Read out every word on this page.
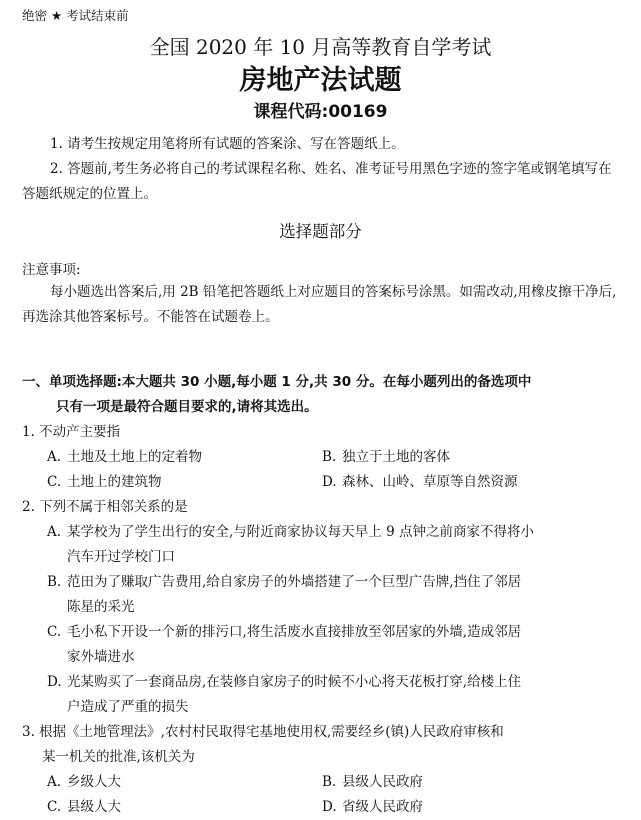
绝密 ★ 考试结束前
全国 2020 年 10 月高等教育自学考试
房地产法试题
课程代码:00169
1. 请考生按规定用笔将所有试题的答案涂、写在答题纸上。
2. 答题前,考生务必将自己的考试课程名称、姓名、准考证号用黑色字迹的签字笔或钢笔填写在答题纸规定的位置上。
选择题部分
注意事项:
每小题选出答案后,用 2B 铅笔把答题纸上对应题目的答案标号涂黑。如需改动,用橡皮擦干净后,再选涂其他答案标号。不能答在试题卷上。
一、单项选择题:本大题共 30 小题,每小题 1 分,共 30 分。在每小题列出的备选项中
只有一项是最符合题目要求的,请将其选出。
1. 不动产主要指
A. 土地及土地上的定着物	B. 独立于土地的客体
C. 土地上的建筑物	D. 森林、山岭、草原等自然资源
2. 下列不属于相邻关系的是
A. 某学校为了学生出行的安全,与附近商家协议每天早上 9 点钟之前商家不得将小
汽车开过学校门口
B. 范田为了赚取广告费用,给自家房子的外墙搭建了一个巨型广告牌,挡住了邻居
陈星的采光
C. 毛小私下开设一个新的排污口,将生活废水直接排放至邻居家的外墙,造成邻居
家外墙进水
D. 光某购买了一套商品房,在装修自家房子的时候不小心将天花板打穿,给楼上住
户造成了严重的损失
3. 根据《土地管理法》,农村村民取得宅基地使用权,需要经乡(镇)人民政府审核和
某一机关的批准,该机关为
A. 乡级人大	B. 县级人民政府
C. 县级人大	D. 省级人民政府
